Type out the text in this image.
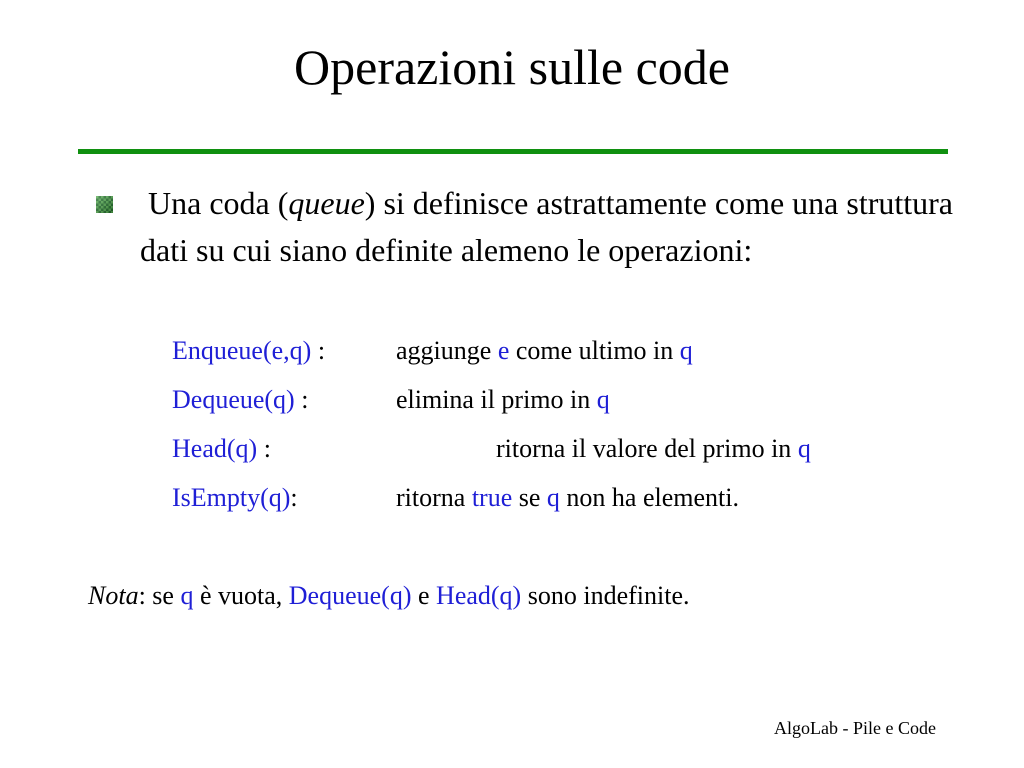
Operazioni sulle code
Una coda (queue) si definisce astrattamente come una struttura dati su cui siano definite alemeno le operazioni:
Enqueue(e,q) :	aggiunge e come ultimo in q
Dequeue(q) :	elimina il primo in q
Head(q) :	ritorna il valore del primo in q
IsEmpty(q):	ritorna true se q non ha elementi.
Nota: se q è vuota, Dequeue(q) e Head(q) sono indefinite.
AlgoLab - Pile e Code
